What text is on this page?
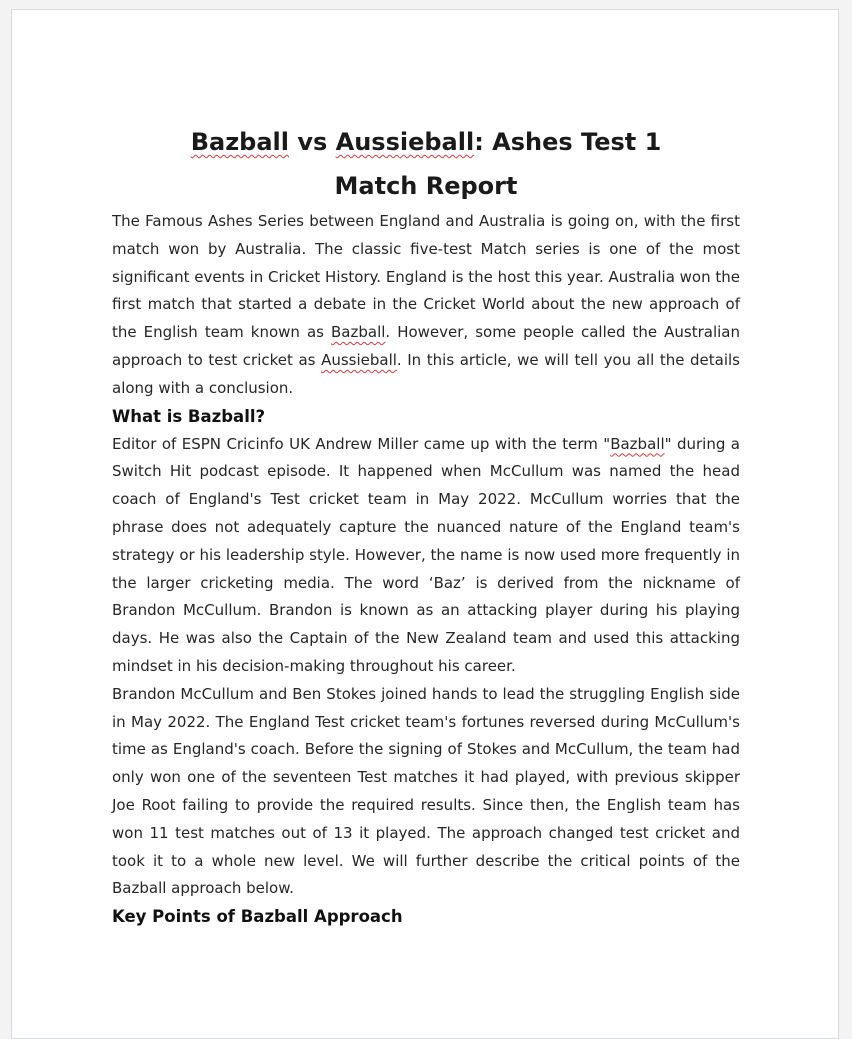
Bazball vs Aussieball: Ashes Test 1 Match Report

The Famous Ashes Series between England and Australia is going on, with the first match won by Australia. The classic five-test Match series is one of the most significant events in Cricket History. England is the host this year. Australia won the first match that started a debate in the Cricket World about the new approach of the English team known as Bazball. However, some people called the Australian approach to test cricket as Aussieball. In this article, we will tell you all the details along with a conclusion.

What is Bazball?

Editor of ESPN Cricinfo UK Andrew Miller came up with the term "Bazball" during a Switch Hit podcast episode. It happened when McCullum was named the head coach of England's Test cricket team in May 2022. McCullum worries that the phrase does not adequately capture the nuanced nature of the England team's strategy or his leadership style. However, the name is now used more frequently in the larger cricketing media. The word ‘Baz’ is derived from the nickname of Brandon McCullum. Brandon is known as an attacking player during his playing days. He was also the Captain of the New Zealand team and used this attacking mindset in his decision-making throughout his career.

Brandon McCullum and Ben Stokes joined hands to lead the struggling English side in May 2022. The England Test cricket team's fortunes reversed during McCullum's time as England's coach. Before the signing of Stokes and McCullum, the team had only won one of the seventeen Test matches it had played, with previous skipper Joe Root failing to provide the required results. Since then, the English team has won 11 test matches out of 13 it played. The approach changed test cricket and took it to a whole new level. We will further describe the critical points of the Bazball approach below.

Key Points of Bazball Approach
